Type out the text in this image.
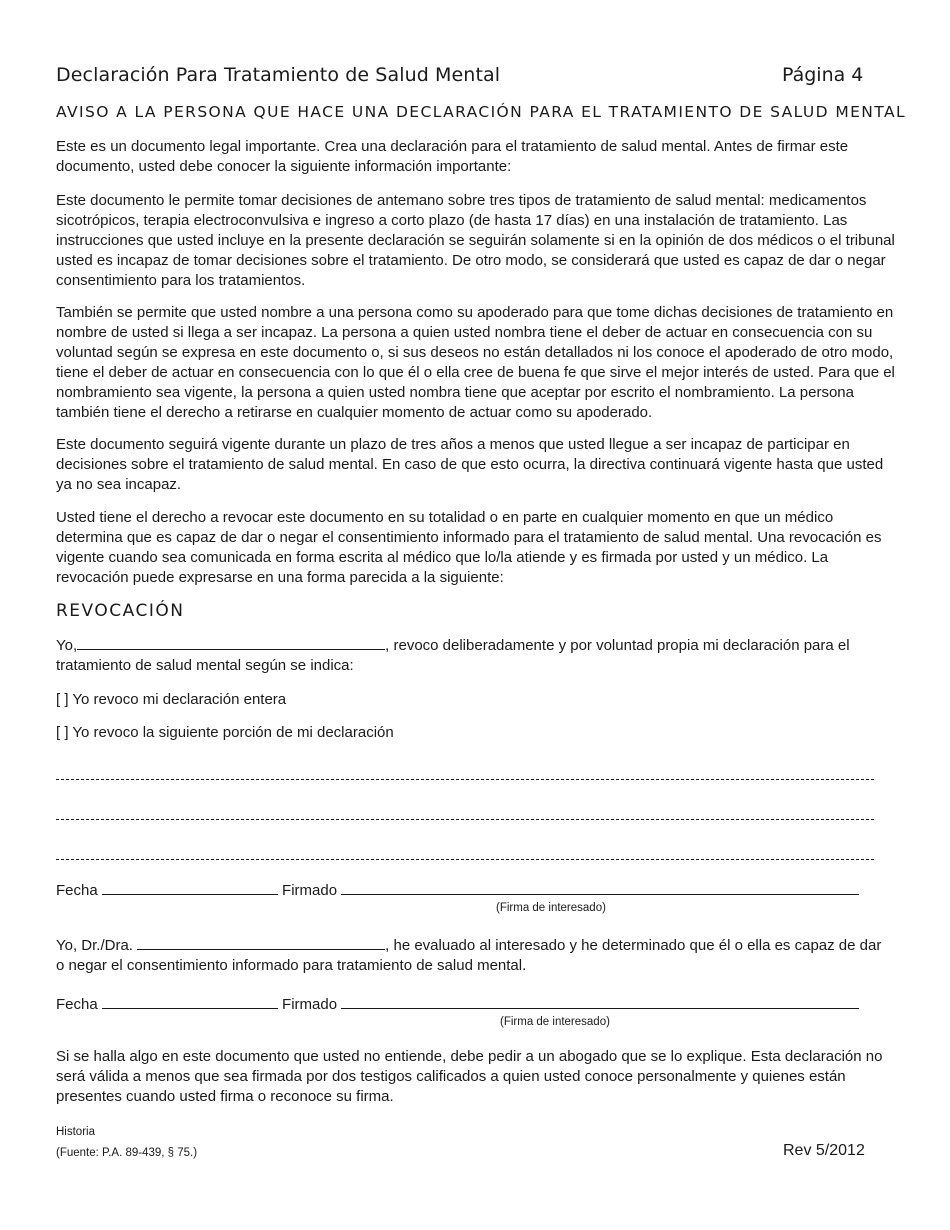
Declaración Para Tratamiento de Salud Mental	Página 4
AVISO A LA PERSONA QUE HACE UNA DECLARACIÓN PARA EL TRATAMIENTO DE SALUD MENTAL

Este es un documento legal importante. Crea una declaración para el tratamiento de salud mental. Antes de firmar este documento, usted debe conocer la siguiente información importante:

Este documento le permite tomar decisiones de antemano sobre tres tipos de tratamiento de salud mental: medicamentos sicotrópicos, terapia electroconvulsiva e ingreso a corto plazo (de hasta 17 días) en una instalación de tratamiento. Las instrucciones que usted incluye en la presente declaración se seguirán solamente si en la opinión de dos médicos o el tribunal usted es incapaz de tomar decisiones sobre el tratamiento. De otro modo, se considerará que usted es capaz de dar o negar consentimiento para los tratamientos.

También se permite que usted nombre a una persona como su apoderado para que tome dichas decisiones de tratamiento en nombre de usted si llega a ser incapaz. La persona a quien usted nombra tiene el deber de actuar en consecuencia con su voluntad según se expresa en este documento o, si sus deseos no están detallados ni los conoce el apoderado de otro modo, tiene el deber de actuar en consecuencia con lo que él o ella cree de buena fe que sirve el mejor interés de usted. Para que el nombramiento sea vigente, la persona a quien usted nombra tiene que aceptar por escrito el nombramiento. La persona también tiene el derecho a retirarse en cualquier momento de actuar como su apoderado.

Este documento seguirá vigente durante un plazo de tres años a menos que usted llegue a ser incapaz de participar en decisiones sobre el tratamiento de salud mental. En caso de que esto ocurra, la directiva continuará vigente hasta que usted ya no sea incapaz.

Usted tiene el derecho a revocar este documento en su totalidad o en parte en cualquier momento en que un médico determina que es capaz de dar o negar el consentimiento informado para el tratamiento de salud mental. Una revocación es vigente cuando sea comunicada en forma escrita al médico que lo/la atiende y es firmada por usted y un médico. La revocación puede expresarse en una forma parecida a la siguiente:

REVOCACIÓN
Yo,	, revoco deliberadamente y por voluntad propia mi declaración para el
tratamiento de salud mental según se indica:
[ ] Yo revoco mi declaración entera
[ ] Yo revoco la siguiente porción de mi declaración
Fecha	Firmado
(Firma de interesado)
Yo, Dr./Dra.	, he evaluado al interesado y he determinado que él o ella es capaz de dar
o negar el consentimiento informado para tratamiento de salud mental.
Fecha	Firmado
(Firma de interesado)

Si se halla algo en este documento que usted no entiende, debe pedir a un abogado que se lo explique. Esta declaración no será válida a menos que sea firmada por dos testigos calificados a quien usted conoce personalmente y quienes están presentes cuando usted firma o reconoce su firma.

Historia
(Fuente: P.A. 89-439, § 75.)	Rev 5/2012
